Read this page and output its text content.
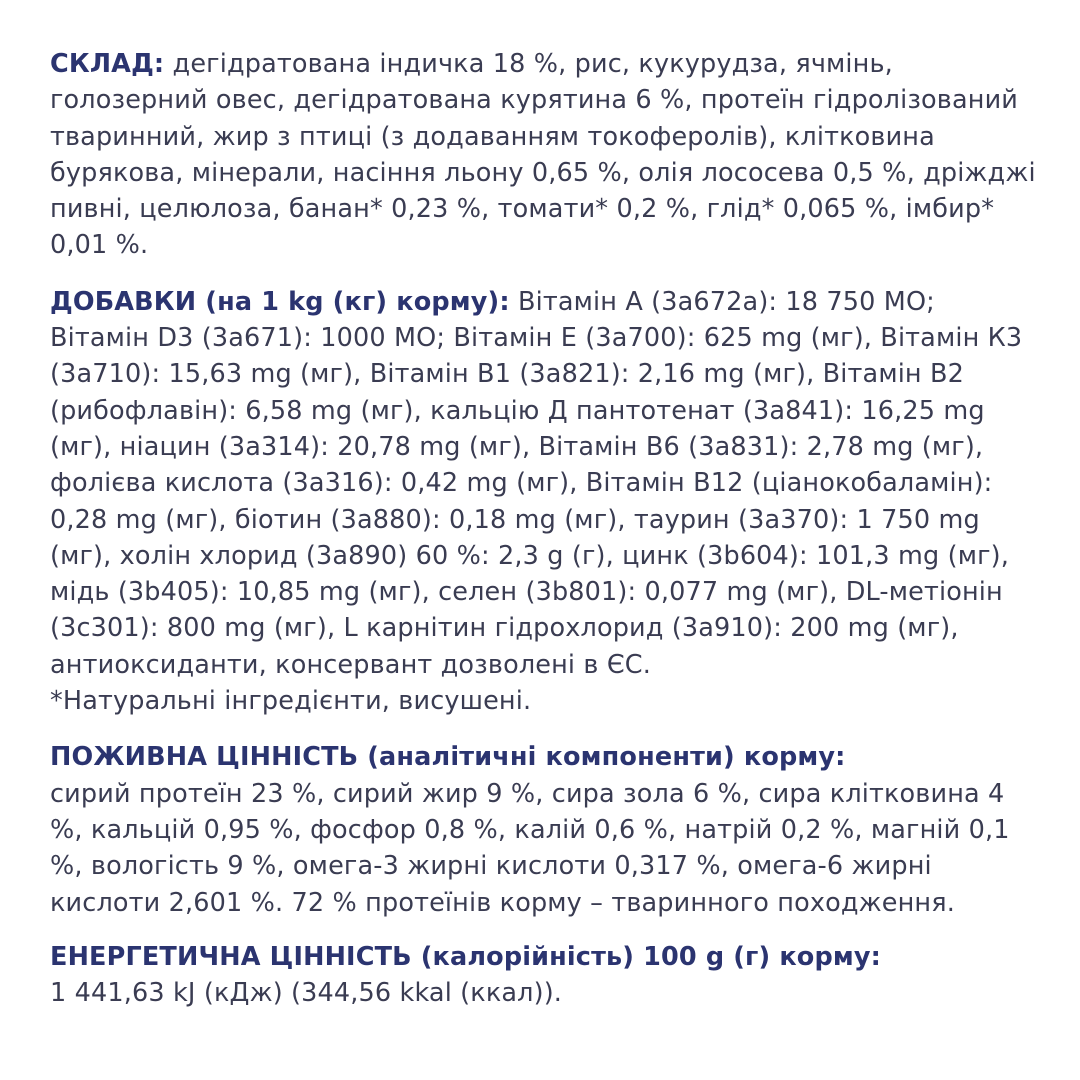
СКЛАД: дегідратована індичка 18 %, рис, кукурудза, ячмінь, голозерний овес, дегідратована курятина 6 %, протеїн гідролізований тваринний, жир з птиці (з додаванням токоферолів), клітковина бурякова, мінерали, насіння льону 0,65 %, олія лососева 0,5 %, дріжджі пивні, целюлоза, банан* 0,23 %, томати* 0,2 %, глід* 0,065 %, імбир* 0,01 %.

ДОБАВКИ (на 1 kg (кг) корму): Вітамін А (3a672a): 18 750 МО; Вітамін D3 (3a671): 1000 МО; Вітамін Е (3a700): 625 mg (мг), Вітамін К3 (3a710): 15,63 mg (мг), Вітамін В1 (3a821): 2,16 mg (мг), Вітамін В2 (рибофлавін): 6,58 mg (мг), кальцію Д пантотенат (3a841): 16,25 mg (мг), ніацин (3a314): 20,78 mg (мг), Вітамін В6 (3a831): 2,78 mg (мг), фолієва кислота (3a316): 0,42 mg (мг), Вітамін В12 (ціанокобаламін): 0,28 mg (мг), біотин (3a880): 0,18 mg (мг), таурин (3a370): 1 750 mg (мг), холін хлорид (3a890) 60 %: 2,3 g (г), цинк (3b604): 101,3 mg (мг), мідь (3b405): 10,85 mg (мг), селен (3b801): 0,077 mg (мг), DL-метіонін (3c301): 800 mg (мг), L карнітин гідрохлорид (3a910): 200 mg (мг), антиоксиданти, консервант дозволені в ЄС.
*Натуральні інгредієнти, висушені.

ПОЖИВНА ЦІННІСТЬ (аналітичні компоненти) корму:
сирий протеїн 23 %, сирий жир 9 %, сира зола 6 %, сира клітковина 4 %, кальцій 0,95 %, фосфор 0,8 %, калій 0,6 %, натрій 0,2 %, магній 0,1 %, вологість 9 %, омега-3 жирні кислоти 0,317 %, омега-6 жирні кислоти 2,601 %. 72 % протеїнів корму – тваринного походження.

ЕНЕРГЕТИЧНА ЦІННІСТЬ (калорійність) 100 g (г) корму:
1 441,63 kJ (кДж) (344,56 kkal (ккал)).
